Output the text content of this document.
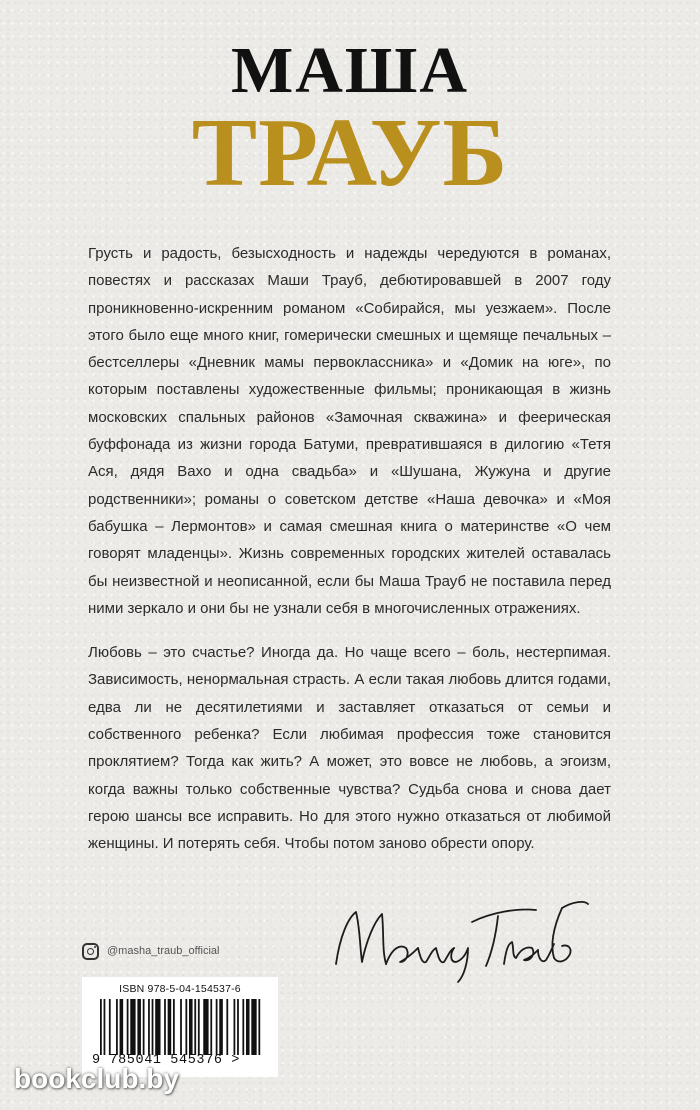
МАША
ТРАУБ

Грусть и радость, безысходность и надежды чередуются в романах, повестях и рассказах Маши Трауб, дебютировавшей в 2007 году проникновенно-искренним романом «Собирайся, мы уезжаем». После этого было еще много книг, гомерически смешных и щемяще печальных – бестселлеры «Дневник мамы первоклассника» и «Домик на юге», по которым поставлены художественные фильмы; проникающая в жизнь московских спальных районов «Замочная скважина» и феерическая буффонада из жизни города Батуми, превратившаяся в дилогию «Тетя Ася, дядя Вахо и одна свадьба» и «Шушана, Жужуна и другие родственники»; романы о советском детстве «Наша девочка» и «Моя бабушка – Лермонтов» и самая смешная книга о материнстве «О чем говорят младенцы». Жизнь современных городских жителей оставалась бы неизвестной и неописанной, если бы Маша Трауб не поставила перед ними зеркало и они бы не узнали себя в многочисленных отражениях.

Любовь – это счастье? Иногда да. Но чаще всего – боль, нестерпимая. Зависимость, ненормальная страсть. А если такая любовь длится годами, едва ли не десятилетиями и заставляет отказаться от семьи и собственного ребенка? Если любимая профессия тоже становится проклятием? Тогда как жить? А может, это вовсе не любовь, а эгоизм, когда важны только собственные чувства? Судьба снова и снова дает герою шансы все исправить. Но для этого нужно отказаться от любимой женщины. И потерять себя. Чтобы потом заново обрести опору.

@masha_traub_official
ISBN 978-5-04-154537-6
9 785041 545376 >
bookclub.by
